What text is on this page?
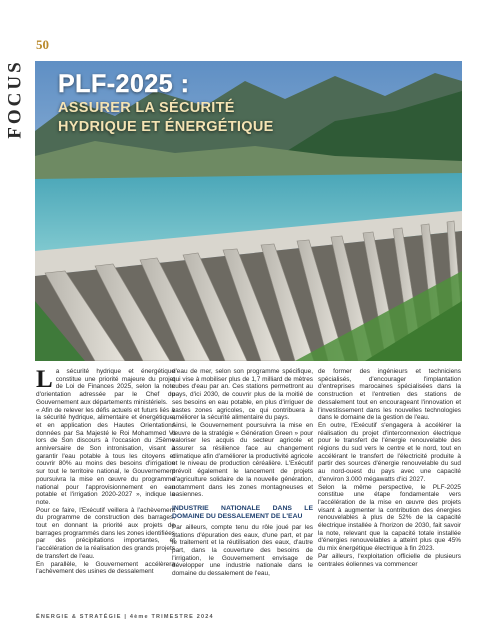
50
FOCUS PLF-2025 :
ASSURER LA SÉCURITÉ
HYDRIQUE ET ÉNERGÉTIQUE

La sécurité hydrique et énergétique constitue une priorité majeure du projet de Loi de Finances 2025, selon la note d'orientation adressée par le Chef du Gouvernement aux départements ministériels.

« Afin de relever les défis actuels et futurs liés à la sécurité hydrique, alimentaire et énergétique, et en application des Hautes Orientations données par Sa Majesté le Roi Mohammed VI lors de Son discours à l'occasion du 25ème anniversaire de Son intronisation, visant à garantir l'eau potable à tous les citoyens et couvrir 80% au moins des besoins d'irrigation sur tout le territoire national, le Gouvernement poursuivra la mise en œuvre du programme national pour l'approvisionnement en eau potable et l'irrigation 2020-2027 », indique la note.

Pour ce faire, l'Exécutif veillera à l'achèvement du programme de construction des barrages, tout en donnant la priorité aux projets de barrages programmés dans les zones identifiées par des précipitations importantes, et l'accélération de la réalisation des grands projets de transfert de l'eau.

En parallèle, le Gouvernement accélèrera l'achèvement des usines de dessalement

d'eau de mer, selon son programme spécifique, qui vise à mobiliser plus de 1,7 milliard de mètres cubes d'eau par an. Ces stations permettront au pays, d'ici 2030, de couvrir plus de la moitié de ses besoins en eau potable, en plus d'irriguer de vastes zones agricoles, ce qui contribuera à améliorer la sécurité alimentaire du pays.

Ainsi, le Gouvernement poursuivra la mise en œuvre de la stratégie « Génération Green » pour valoriser les acquis du secteur agricole et assurer sa résilience face au changement climatique afin d'améliorer la productivité agricole et le niveau de production céréalière. L'Exécutif prévoit également le lancement de projets d'agriculture solidaire de la nouvelle génération, notamment dans les zones montagneuses et oasiennes.

INDUSTRIE NATIONALE DANS LE DOMAINE DU DESSALEMENT DE L'EAU

Par ailleurs, compte tenu du rôle joué par les stations d'épuration des eaux, d'une part, et par le traitement et la réutilisation des eaux, d'autre part, dans la couverture des besoins de l'irrigation, le Gouvernement envisage de développer une industrie nationale dans le domaine du dessalement de l'eau,

de former des ingénieurs et techniciens spécialisés, d'encourager l'implantation d'entreprises marocaines spécialisées dans la construction et l'entretien des stations de dessalement tout en encourageant l'innovation et l'investissement dans les nouvelles technologies dans le domaine de la gestion de l'eau.

En outre, l'Exécutif s'engagera à accélérer la réalisation du projet d'interconnexion électrique pour le transfert de l'énergie renouvelable des régions du sud vers le centre et le nord, tout en accélérant le transfert de l'électricité produite à partir des sources d'énergie renouvelable du sud au nord-ouest du pays avec une capacité d'environ 3.000 mégawatts d'ici 2027.

Selon la même perspective, le PLF-2025 constitue une étape fondamentale vers l'accélération de la mise en œuvre des projets visant à augmenter la contribution des énergies renouvelables à plus de 52% de la capacité électrique installée à l'horizon de 2030, fait savoir la note, relevant que la capacité totale installée d'énergies renouvelables a atteint plus que 45% du mix énergétique électrique à fin 2023.

Par ailleurs, l'exploitation officielle de plusieurs centrales éoliennes va commencer

ÉNERGIE & STRATÉGIE | 4ème TRIMESTRE 2024
